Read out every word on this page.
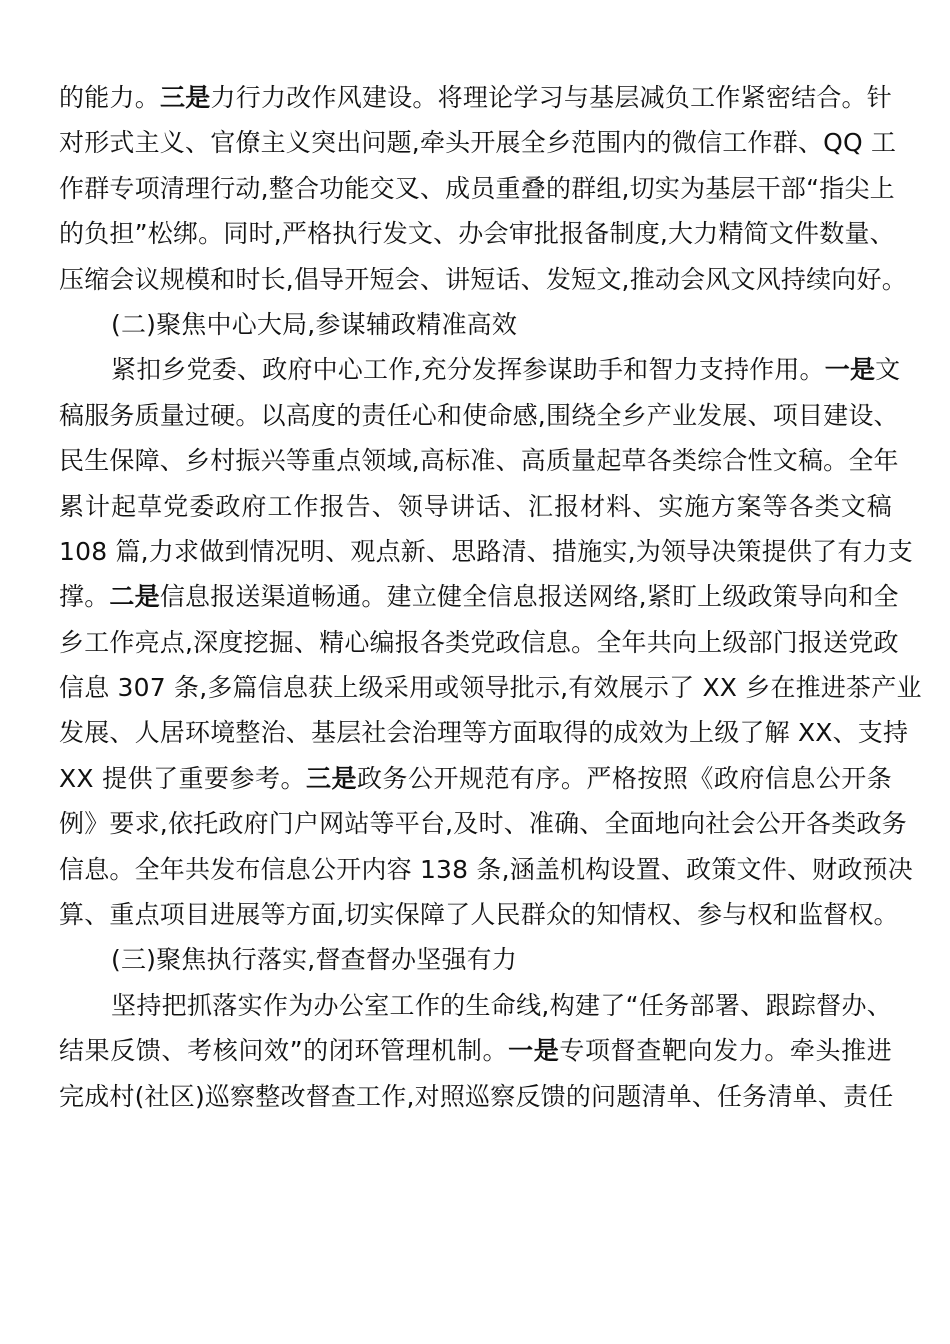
的能力。三是力行力改作风建设。将理论学习与基层减负工作紧密结合。针
对形式主义、官僚主义突出问题,牵头开展全乡范围内的微信工作群、QQ 工
作群专项清理行动,整合功能交叉、成员重叠的群组,切实为基层干部“指尖上
的负担”松绑。同时,严格执行发文、办会审批报备制度,大力精简文件数量、
压缩会议规模和时长,倡导开短会、讲短话、发短文,推动会风文风持续向好。
(二)聚焦中心大局,参谋辅政精准高效
紧扣乡党委、政府中心工作,充分发挥参谋助手和智力支持作用。一是文
稿服务质量过硬。以高度的责任心和使命感,围绕全乡产业发展、项目建设、
民生保障、乡村振兴等重点领域,高标准、高质量起草各类综合性文稿。全年
累计起草党委政府工作报告、领导讲话、汇报材料、实施方案等各类文稿
108 篇,力求做到情况明、观点新、思路清、措施实,为领导决策提供了有力支
撑。二是信息报送渠道畅通。建立健全信息报送网络,紧盯上级政策导向和全
乡工作亮点,深度挖掘、精心编报各类党政信息。全年共向上级部门报送党政
信息 307 条,多篇信息获上级采用或领导批示,有效展示了 XX 乡在推进茶产业
发展、人居环境整治、基层社会治理等方面取得的成效为上级了解 XX、支持
XX 提供了重要参考。三是政务公开规范有序。严格按照《政府信息公开条
例》要求,依托政府门户网站等平台,及时、准确、全面地向社会公开各类政务
信息。全年共发布信息公开内容 138 条,涵盖机构设置、政策文件、财政预决
算、重点项目进展等方面,切实保障了人民群众的知情权、参与权和监督权。
(三)聚焦执行落实,督查督办坚强有力
坚持把抓落实作为办公室工作的生命线,构建了“任务部署、跟踪督办、
结果反馈、考核问效”的闭环管理机制。一是专项督查靶向发力。牵头推进
完成村(社区)巡察整改督查工作,对照巡察反馈的问题清单、任务清单、责任
